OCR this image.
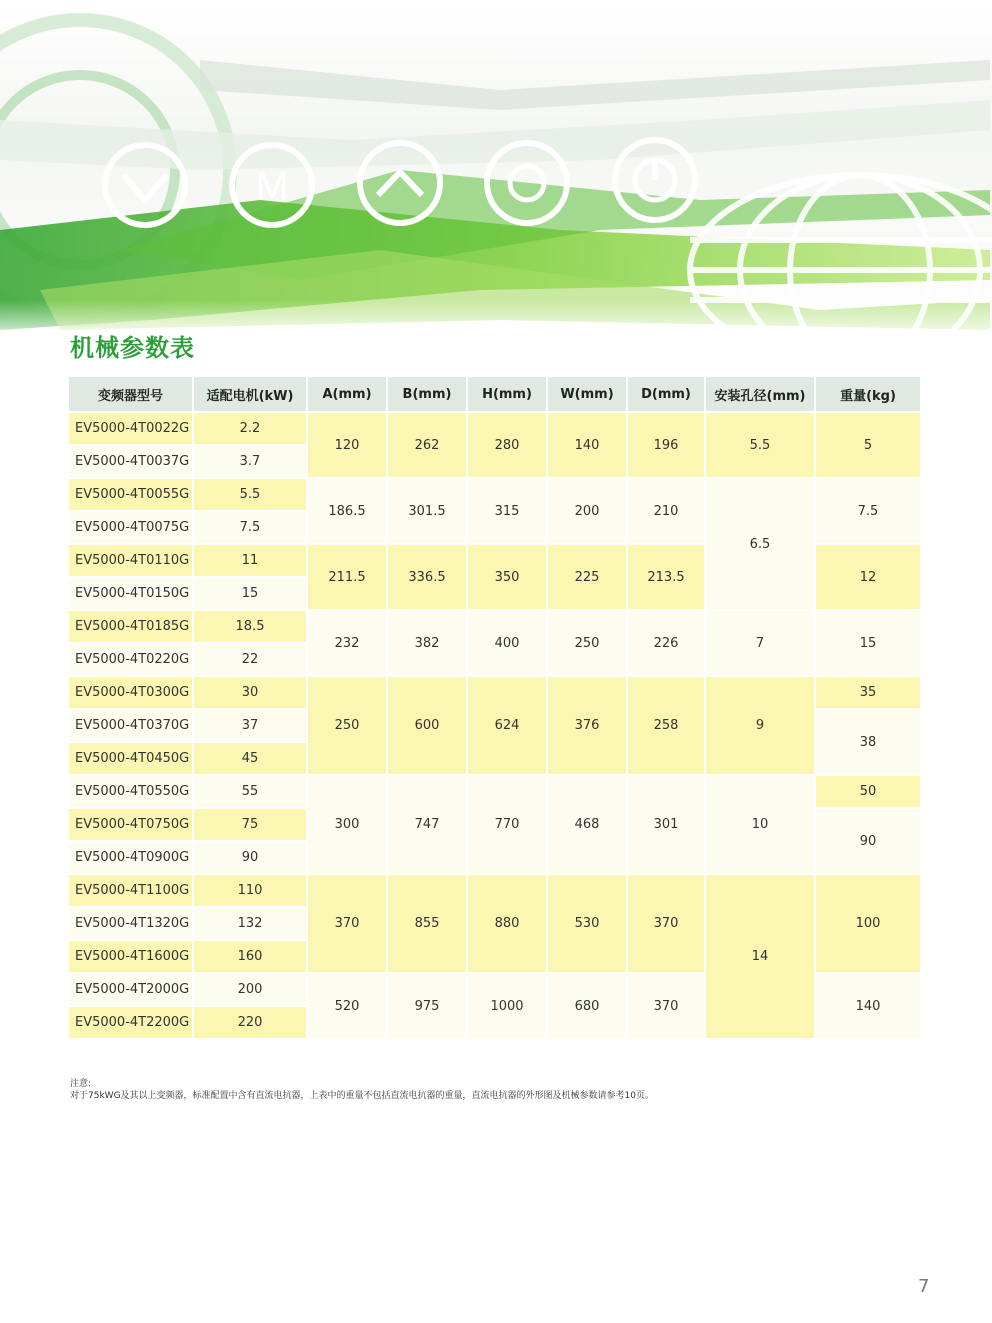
M
机械参数表
变频器型号	适配电机(kW)	A(mm)	B(mm)	H(mm)	W(mm)	D(mm)	安装孔径(mm)	重量(kg)
EV5000-4T0022G	2.2	120	262	280	140	196	5.5	5
EV5000-4T0037G	3.7							
EV5000-4T0055G	5.5	186.5	301.5	315	200	210	6.5	7.5
EV5000-4T0075G	7.5							
EV5000-4T0110G	11	211.5	336.5	350	225	213.5		12
EV5000-4T0150G	15							
EV5000-4T0185G	18.5	232	382	400	250	226	7	15
EV5000-4T0220G	22							
EV5000-4T0300G	30	250	600	624	376	258	9	35
EV5000-4T0370G	37							38
EV5000-4T0450G	45							
EV5000-4T0550G	55	300	747	770	468	301	10	50
EV5000-4T0750G	75							90
EV5000-4T0900G	90							
EV5000-4T1100G	110	370	855	880	530	370	14	100
EV5000-4T1320G	132							
EV5000-4T1600G	160							
EV5000-4T2000G	200	520	975	1000	680	370		140
EV5000-4T2200G	220							
注意:
对于75kWG及其以上变频器，标准配置中含有直流电抗器，上表中的重量不包括直流电抗器的重量，直流电抗器的外形图及机械参数请参考10页。
7
